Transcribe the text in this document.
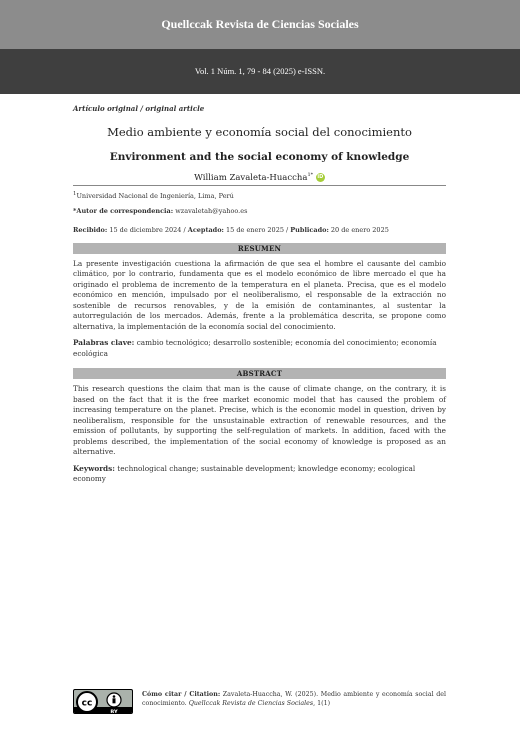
Quellccak Revista de Ciencias Sociales
Vol. 1 Núm. 1, 79 - 84 (2025) e-ISSN.
Artículo original / original article
Medio ambiente y economía social del conocimiento
Environment and the social economy of knowledge
William Zavaleta-Huaccha$^{1*}$ iD
$^1$Universidad Nacional de Ingeniería, Lima, Perú
*Autor de correspondencia: wzavaletah@yahoo.es
Recibido: 15 de diciembre 2024 / Aceptado: 15 de enero 2025 / Publicado: 20 de enero 2025
RESUMEN
La presente investigación cuestiona la afirmación de que sea el hombre el causante del cambio climático, por lo contrario, fundamenta que es el modelo económico de libre mercado el que ha originado el problema de incremento de la temperatura en el planeta. Precisa, que es el modelo económico en mención, impulsado por el neoliberalismo, el responsable de la extracción no sostenible de recursos renovables, y de la emisión de contaminantes, al sustentar la autorregulación de los mercados. Además, frente a la problemática descrita, se propone como alternativa, la implementación de la economía social del conocimiento.
Palabras clave: cambio tecnológico; desarrollo sostenible; economía del conocimiento; economía ecológica
ABSTRACT
This research questions the claim that man is the cause of climate change, on the contrary, it is based on the fact that it is the free market economic model that has caused the problem of increasing temperature on the planet. Precise, which is the economic model in question, driven by neoliberalism, responsible for the unsustainable extraction of renewable resources, and the emission of pollutants, by supporting the self-regulation of markets. In addition, faced with the problems described, the implementation of the social economy of knowledge is proposed as an alternative.
Keywords: technological change; sustainable development; knowledge economy; ecological economy
cc
BY
Cómo citar / Citation: Zavaleta-Huaccha, W. (2025). Medio ambiente y economía social del conocimiento. Quellccak Revista de Ciencias Sociales, 1(1)
